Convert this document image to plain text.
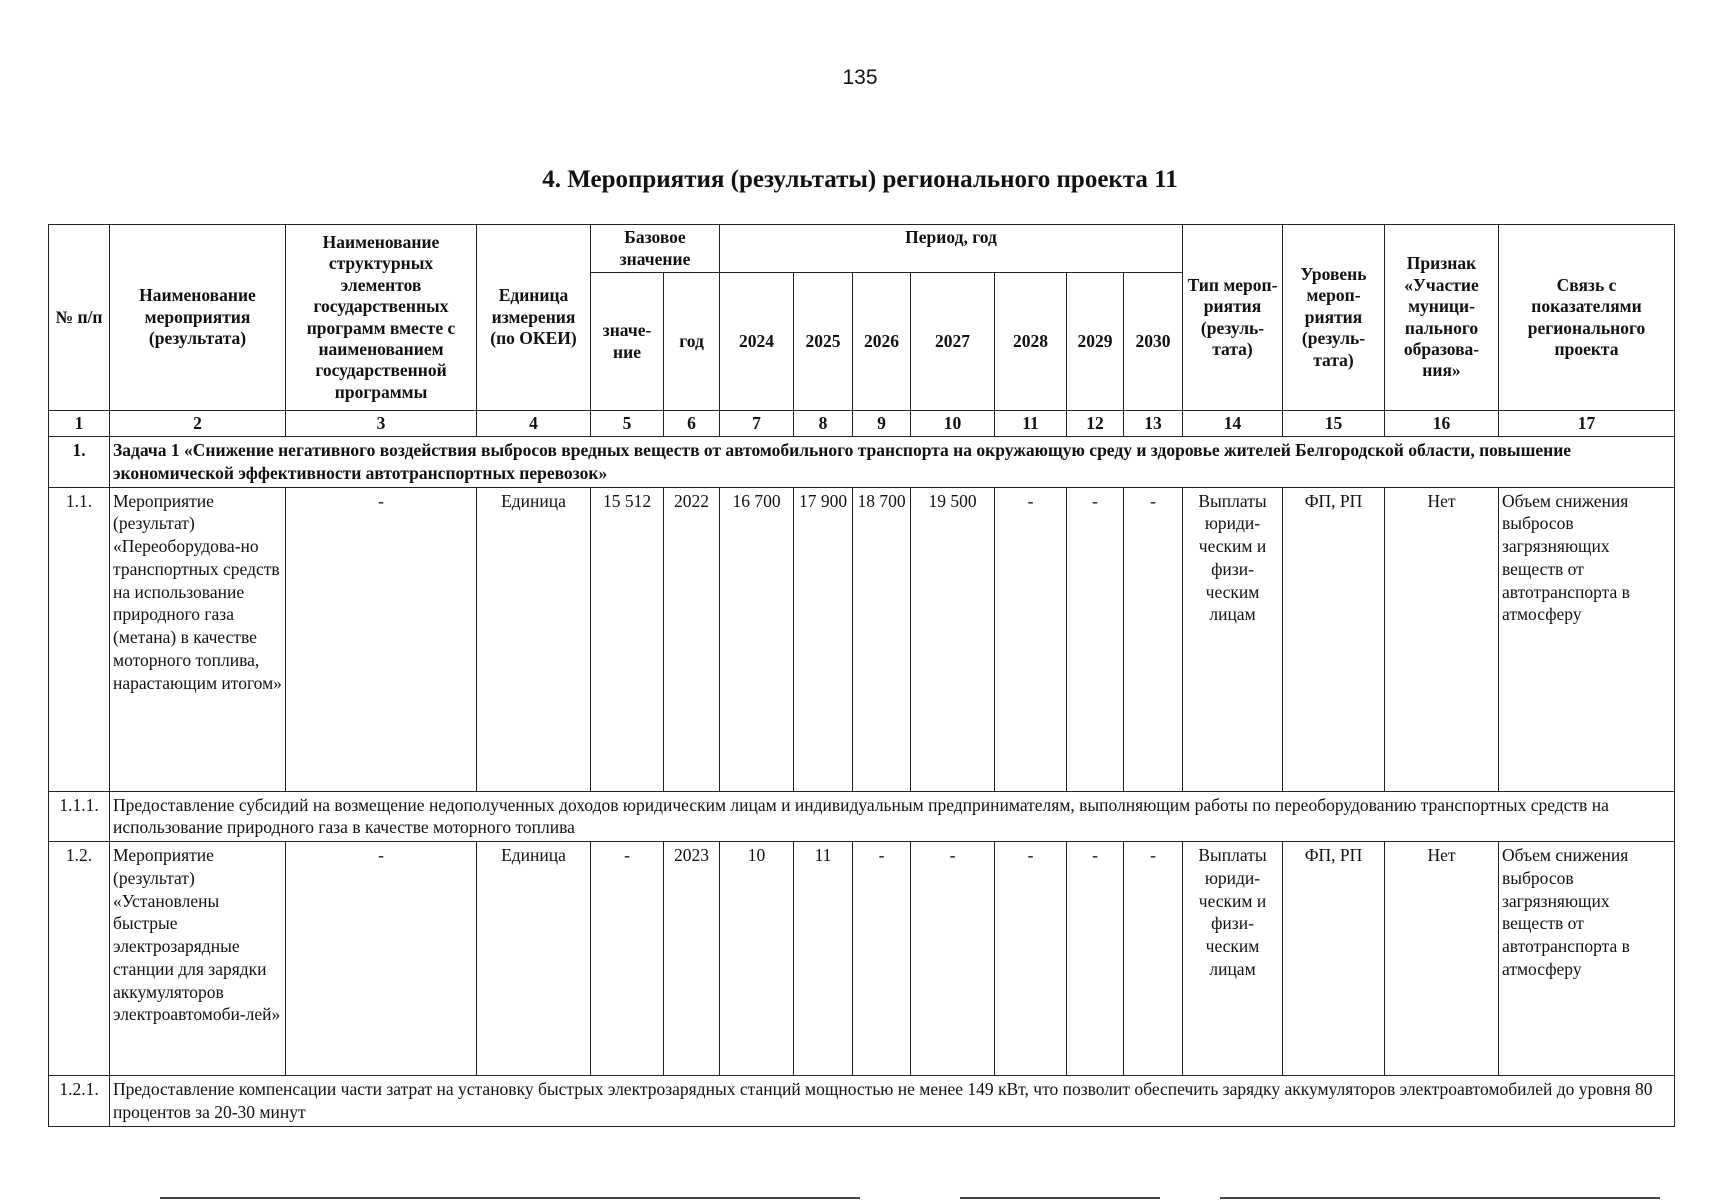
135
4. Мероприятия (результаты) регионального проекта 11
№ п/п	Наименование мероприятия (результата)	Наименование структурных элементов государственных программ вместе с наименованием государственной программы	Единица измерения (по ОКЕИ)	Базовое значение		Период, год							Тип мероп-риятия (резуль-тата)	Уровень мероп-риятия (резуль-тата)	Признак «Участие муници-пального образова-ния»	Связь с показателями регионального проекта
				значе-ние	год	2024	2025	2026	2027	2028	2029	2030				
1	2	3	4	5	6	7	8	9	10	11	12	13	14	15	16	17
1.	Задача 1 «Снижение негативного воздействия выбросов вредных веществ от автомобильного транспорта на окружающую среду и здоровье жителей Белгородской области, повышение экономической эффективности автотранспортных перевозок»															
1.1.	Мероприятие (результат) «Переоборудова-но транспортных средств на использование природного газа (метана) в качестве моторного топлива, нарастающим итогом»	-	Единица	15 512	2022	16 700	17 900	18 700	19 500	-	-	-	Выплаты юриди-ческим и физи-ческим лицам	ФП, РП	Нет	Объем снижения выбросов загрязняющих веществ от автотранспорта в атмосферу
1.1.1.	Предоставление субсидий на возмещение недополученных доходов юридическим лицам и индивидуальным предпринимателям, выполняющим работы по переоборудованию транспортных средств на использование природного газа в качестве моторного топлива															
1.2.	Мероприятие (результат) «Установлены быстрые электрозарядные станции для зарядки аккумуляторов электроавтомоби-лей»	-	Единица	-	2023	10	11	-	-	-	-	-	Выплаты юриди-ческим и физи-ческим лицам	ФП, РП	Нет	Объем снижения выбросов загрязняющих веществ от автотранспорта в атмосферу
1.2.1.	Предоставление компенсации части затрат на установку быстрых электрозарядных станций мощностью не менее 149 кВт, что позволит обеспечить зарядку аккумуляторов электроавтомобилей до уровня 80 процентов за 20-30 минут															
